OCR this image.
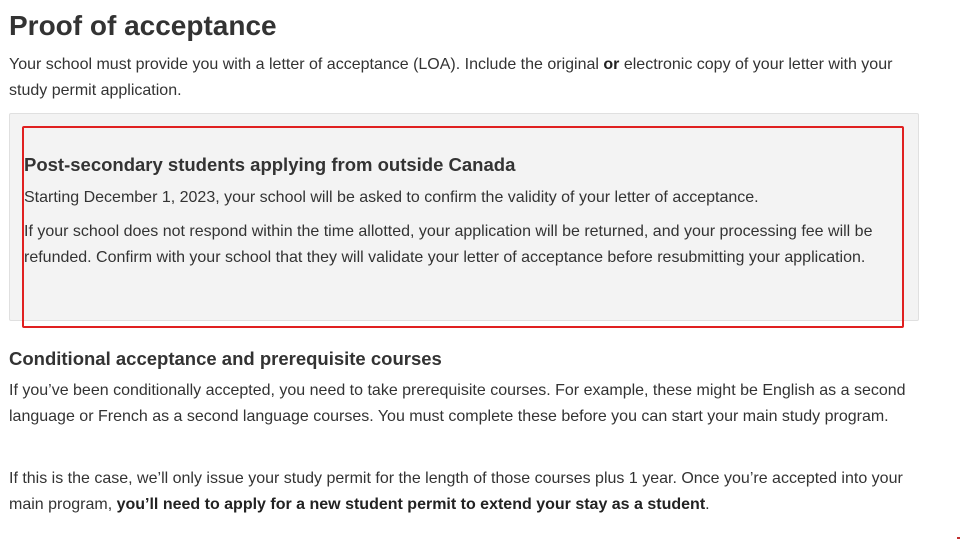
Proof of acceptance

Your school must provide you with a letter of acceptance (LOA). Include the original or electronic copy of your letter with your study permit application.

Post-secondary students applying from outside Canada

Starting December 1, 2023, your school will be asked to confirm the validity of your letter of acceptance.

If your school does not respond within the time allotted, your application will be returned, and your processing fee will be refunded. Confirm with your school that they will validate your letter of acceptance before resubmitting your application.

Conditional acceptance and prerequisite courses

If you’ve been conditionally accepted, you need to take prerequisite courses. For example, these might be English as a second language or French as a second language courses. You must complete these before you can start your main study program.

If this is the case, we’ll only issue your study permit for the length of those courses plus 1 year. Once you’re accepted into your main program, you’ll need to apply for a new student permit to extend your stay as a student.
